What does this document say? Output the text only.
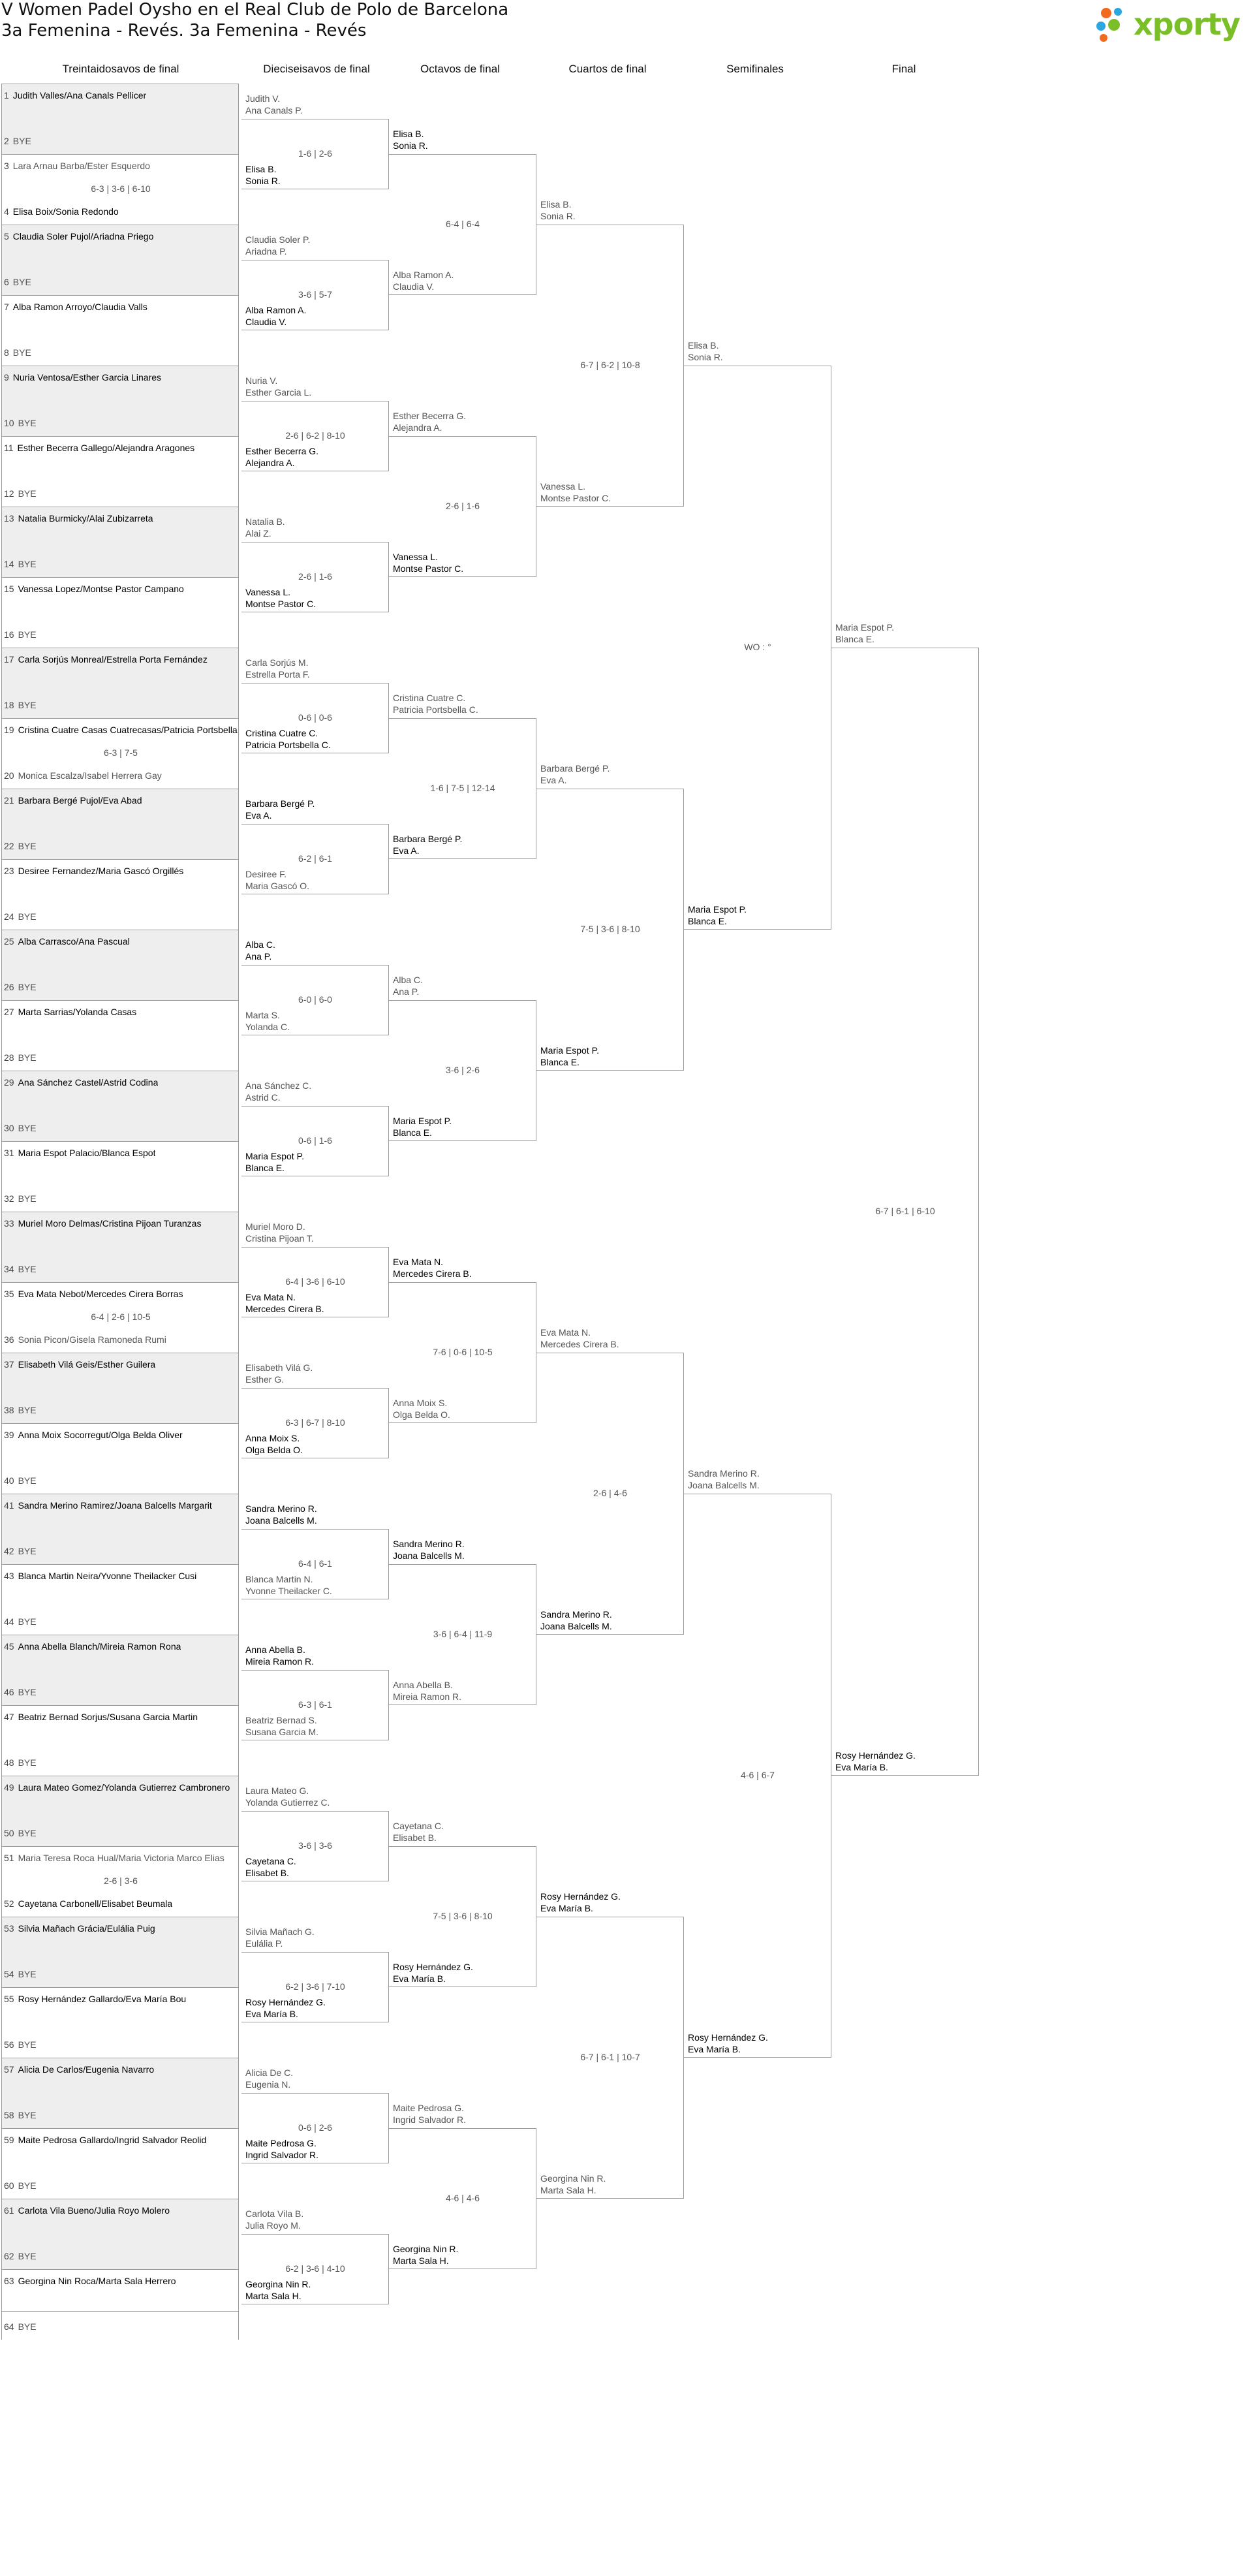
V Women Padel Oysho en el Real Club de Polo de Barcelona
3a Femenina - Revés. 3a Femenina - Revés	xporty
Treintaidosavos de final	Dieciseisavos de final	Octavos de final	Cuartos de final	Semifinales	Final
1 Judith Valles/Ana Canals Pellicer
2 BYE
3 Lara Arnau Barba/Ester Esquerdo
4 Elisa Boix/Sonia Redondo
5 Claudia Soler Pujol/Ariadna Priego
6 BYE
7 Alba Ramon Arroyo/Claudia Valls
8 BYE
9 Nuria Ventosa/Esther Garcia Linares
10 BYE
11 Esther Becerra Gallego/Alejandra Aragones
12 BYE
13 Natalia Burmicky/Alai Zubizarreta
14 BYE
15 Vanessa Lopez/Montse Pastor Campano
16 BYE
17 Carla Sorjús Monreal/Estrella Porta Fernández
18 BYE
19 Cristina Cuatre Casas Cuatrecasas/Patricia Portsbella
20 Monica Escalza/Isabel Herrera Gay
21 Barbara Bergé Pujol/Eva Abad
22 BYE
23 Desiree Fernandez/Maria Gascó Orgillés
24 BYE
25 Alba Carrasco/Ana Pascual
26 BYE
27 Marta Sarrias/Yolanda Casas
28 BYE
29 Ana Sánchez Castel/Astrid Codina
30 BYE
31 Maria Espot Palacio/Blanca Espot
32 BYE
33 Muriel Moro Delmas/Cristina Pijoan Turanzas
34 BYE
35 Eva Mata Nebot/Mercedes Cirera Borras
36 Sonia Picon/Gisela Ramoneda Rumi
37 Elisabeth Vilá Geis/Esther Guilera
38 BYE
39 Anna Moix Socorregut/Olga Belda Oliver
40 BYE
41 Sandra Merino Ramirez/Joana Balcells Margarit
42 BYE
43 Blanca Martin Neira/Yvonne Theilacker Cusi
44 BYE
45 Anna Abella Blanch/Mireia Ramon Rona
46 BYE
47 Beatriz Bernad Sorjus/Susana Garcia Martin
48 BYE
49 Laura Mateo Gomez/Yolanda Gutierrez Cambronero
50 BYE
51 Maria Teresa Roca Hual/Maria Victoria Marco Elias
52 Cayetana Carbonell/Elisabet Beumala
53 Silvia Mañach Grácia/Eulália Puig
54 BYE
55 Rosy Hernández Gallardo/Eva María Bou
56 BYE
57 Alicia De Carlos/Eugenia Navarro
58 BYE
59 Maite Pedrosa Gallardo/Ingrid Salvador Reolid
60 BYE
61 Carlota Vila Bueno/Julia Royo Molero
62 BYE
63 Georgina Nin Roca/Marta Sala Herrero
64 BYE
6-3 | 3-6 | 6-10
6-3 | 7-5
6-4 | 2-6 | 10-5
2-6 | 3-6
Judith V.
Ana Canals P.
Elisa B.
Sonia R.
1-6 | 2-6
Claudia Soler P.
Ariadna P.
Alba Ramon A.
Claudia V.
3-6 | 5-7
Nuria V.
Esther Garcia L.
Esther Becerra G.
Alejandra A.
2-6 | 6-2 | 8-10
Natalia B.
Alai Z.
Vanessa L.
Montse Pastor C.
2-6 | 1-6
Carla Sorjús M.
Estrella Porta F.
Cristina Cuatre C.
Patricia Portsbella C.
0-6 | 0-6
Barbara Bergé P.
Eva A.
Desiree F.
Maria Gascó O.
6-2 | 6-1
Alba C.
Ana P.
Marta S.
Yolanda C.
6-0 | 6-0
Ana Sánchez C.
Astrid C.
Maria Espot P.
Blanca E.
0-6 | 1-6
Muriel Moro D.
Cristina Pijoan T.
Eva Mata N.
Mercedes Cirera B.
6-4 | 3-6 | 6-10
Elisabeth Vilá G.
Esther G.
Anna Moix S.
Olga Belda O.
6-3 | 6-7 | 8-10
Sandra Merino R.
Joana Balcells M.
Blanca Martin N.
Yvonne Theilacker C.
6-4 | 6-1
Anna Abella B.
Mireia Ramon R.
Beatriz Bernad S.
Susana Garcia M.
6-3 | 6-1
Laura Mateo G.
Yolanda Gutierrez C.
Cayetana C.
Elisabet B.
3-6 | 3-6
Silvia Mañach G.
Eulália P.
Rosy Hernández G.
Eva María B.
6-2 | 3-6 | 7-10
Alicia De C.
Eugenia N.
Maite Pedrosa G.
Ingrid Salvador R.
0-6 | 2-6
Carlota Vila B.
Julia Royo M.
Georgina Nin R.
Marta Sala H.
6-2 | 3-6 | 4-10
Elisa B.
Sonia R.
Alba Ramon A.
Claudia V.
6-4 | 6-4
Esther Becerra G.
Alejandra A.
Vanessa L.
Montse Pastor C.
2-6 | 1-6
Cristina Cuatre C.
Patricia Portsbella C.
Barbara Bergé P.
Eva A.
1-6 | 7-5 | 12-14
Alba C.
Ana P.
Maria Espot P.
Blanca E.
3-6 | 2-6
Eva Mata N.
Mercedes Cirera B.
Anna Moix S.
Olga Belda O.
7-6 | 0-6 | 10-5
Sandra Merino R.
Joana Balcells M.
Anna Abella B.
Mireia Ramon R.
3-6 | 6-4 | 11-9
Cayetana C.
Elisabet B.
Rosy Hernández G.
Eva María B.
7-5 | 3-6 | 8-10
Maite Pedrosa G.
Ingrid Salvador R.
Georgina Nin R.
Marta Sala H.
4-6 | 4-6
Elisa B.
Sonia R.
Vanessa L.
Montse Pastor C.
6-7 | 6-2 | 10-8
Barbara Bergé P.
Eva A.
Maria Espot P.
Blanca E.
7-5 | 3-6 | 8-10
Eva Mata N.
Mercedes Cirera B.
Sandra Merino R.
Joana Balcells M.
2-6 | 4-6
Rosy Hernández G.
Eva María B.
Georgina Nin R.
Marta Sala H.
6-7 | 6-1 | 10-7
Elisa B.
Sonia R.
Maria Espot P.
Blanca E.
WO : °
Sandra Merino R.
Joana Balcells M.
Rosy Hernández G.
Eva María B.
4-6 | 6-7
Maria Espot P.
Blanca E.
Rosy Hernández G.
Eva María B.
6-7 | 6-1 | 6-10
